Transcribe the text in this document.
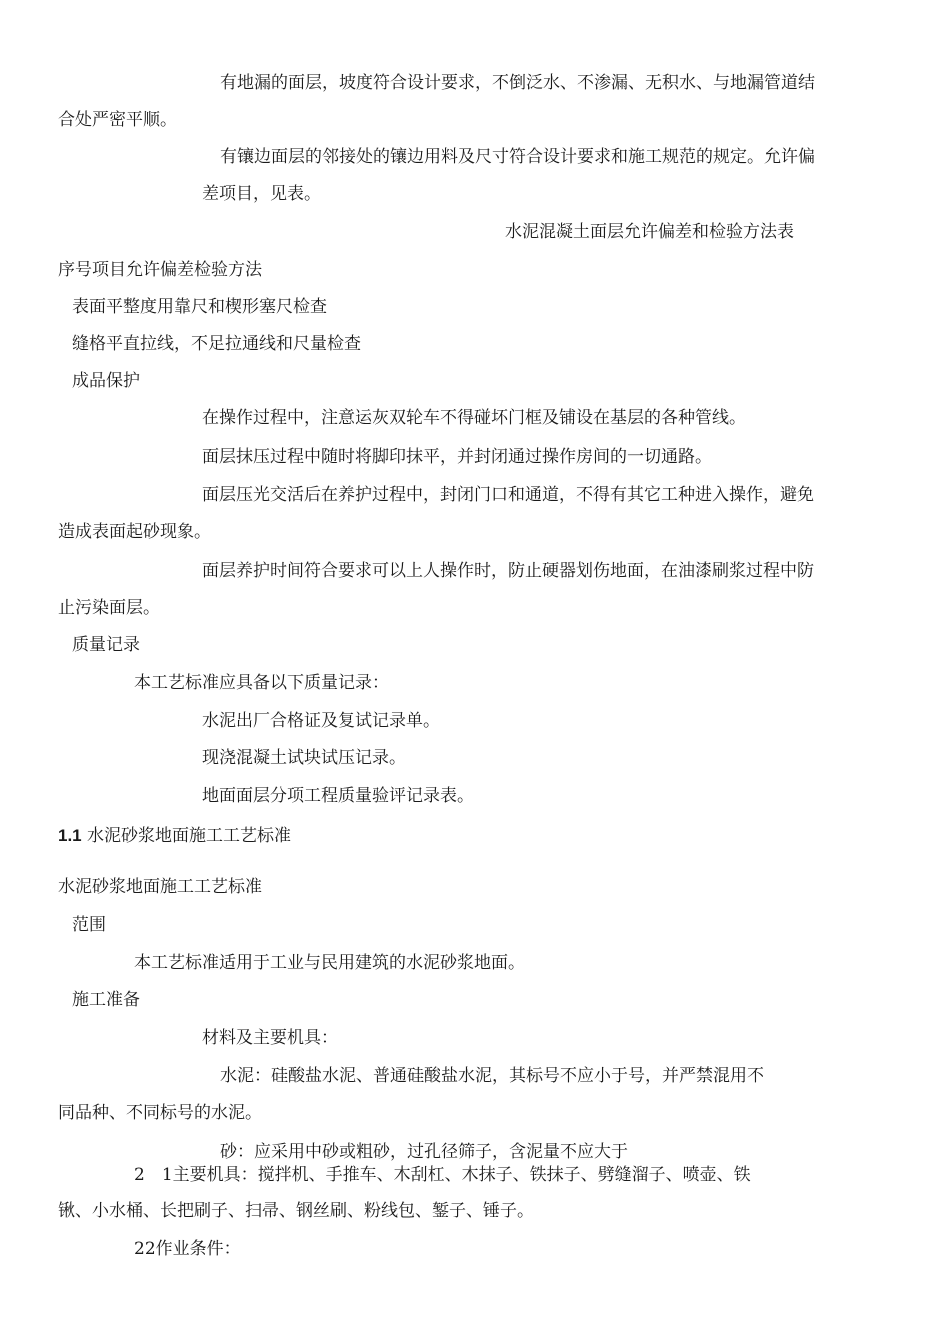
有地漏的面层，坡度符合设计要求，不倒泛水、不渗漏、无积水、与地漏管道结
合处严密平顺。
有镶边面层的邻接处的镶边用料及尺寸符合设计要求和施工规范的规定。允许偏
差项目，见表。
水泥混凝土面层允许偏差和检验方法表
序号项目允许偏差检验方法
表面平整度用靠尺和楔形塞尺检查
缝格平直拉线，不足拉通线和尺量检查
成品保护
在操作过程中，注意运灰双轮车不得碰坏门框及铺设在基层的各种管线。
面层抹压过程中随时将脚印抹平，并封闭通过操作房间的一切通路。
面层压光交活后在养护过程中，封闭门口和通道，不得有其它工种进入操作，避免
造成表面起砂现象。
面层养护时间符合要求可以上人操作时，防止硬器划伤地面，在油漆刷浆过程中防
止污染面层。
质量记录
本工艺标准应具备以下质量记录：
水泥出厂合格证及复试记录单。
现浇混凝土试块试压记录。
地面面层分项工程质量验评记录表。
1.1 水泥砂浆地面施工工艺标准
水泥砂浆地面施工工艺标准
范围
本工艺标准适用于工业与民用建筑的水泥砂浆地面。
施工准备
材料及主要机具：
水泥：硅酸盐水泥、普通硅酸盐水泥，其标号不应小于号，并严禁混用不
同品种、不同标号的水泥。
砂：应采用中砂或粗砂，过孔径筛子，含泥量不应大于
2　1主要机具：搅拌机、手推车、木刮杠、木抹子、铁抹子、劈缝溜子、喷壶、铁
锹、小水桶、长把刷子、扫帚、钢丝刷、粉线包、錾子、锤子。
22作业条件：
